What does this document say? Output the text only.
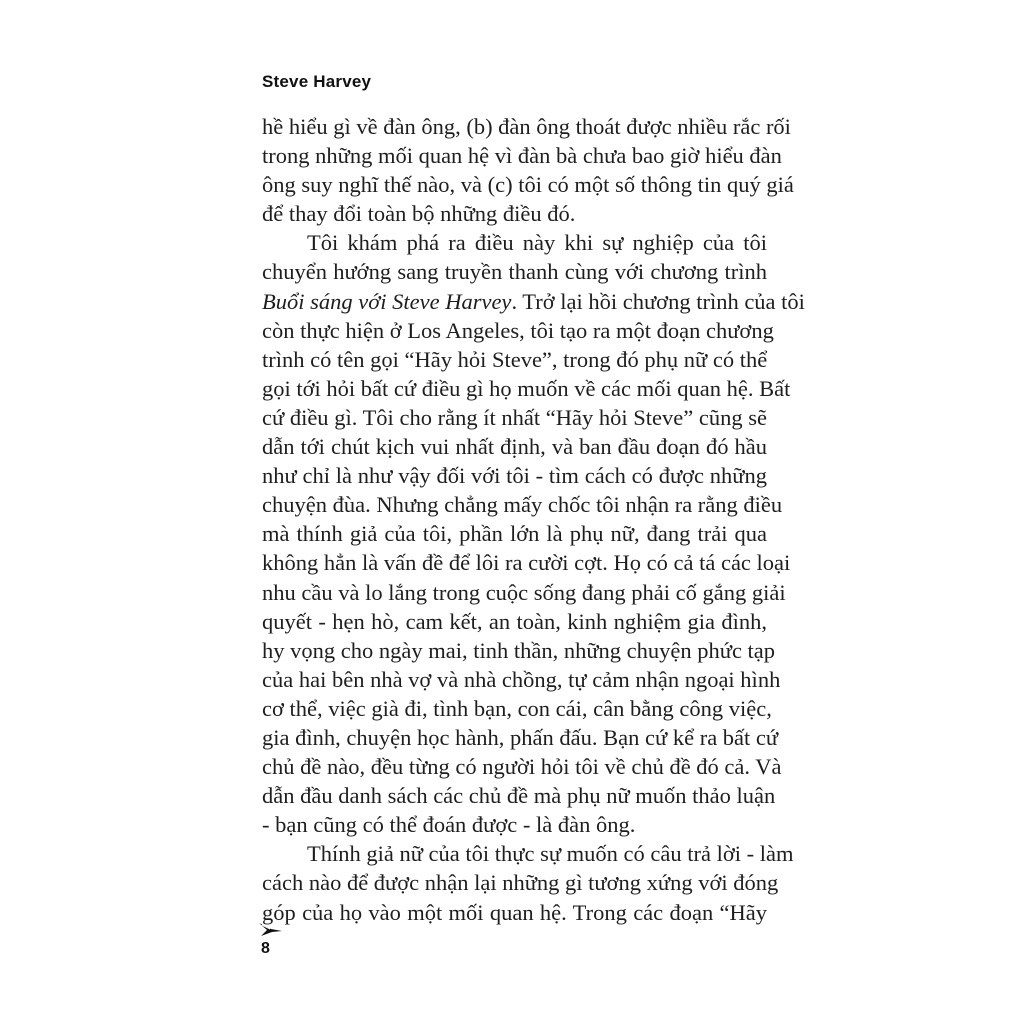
Steve Harvey
hề hiểu gì về đàn ông, (b) đàn ông thoát được nhiều rắc rối
trong những mối quan hệ vì đàn bà chưa bao giờ hiểu đàn
ông suy nghĩ thế nào, và (c) tôi có một số thông tin quý giá
để thay đổi toàn bộ những điều đó.
Tôi khám phá ra điều này khi sự nghiệp của tôi
chuyển hướng sang truyền thanh cùng với chương trình
Buổi sáng với Steve Harvey. Trở lại hồi chương trình của tôi
còn thực hiện ở Los Angeles, tôi tạo ra một đoạn chương
trình có tên gọi “Hãy hỏi Steve”, trong đó phụ nữ có thể
gọi tới hỏi bất cứ điều gì họ muốn về các mối quan hệ. Bất
cứ điều gì. Tôi cho rằng ít nhất “Hãy hỏi Steve” cũng sẽ
dẫn tới chút kịch vui nhất định, và ban đầu đoạn đó hầu
như chỉ là như vậy đối với tôi - tìm cách có được những
chuyện đùa. Nhưng chẳng mấy chốc tôi nhận ra rằng điều
mà thính giả của tôi, phần lớn là phụ nữ, đang trải qua
không hẳn là vấn đề để lôi ra cười cợt. Họ có cả tá các loại
nhu cầu và lo lắng trong cuộc sống đang phải cố gắng giải
quyết - hẹn hò, cam kết, an toàn, kinh nghiệm gia đình,
hy vọng cho ngày mai, tinh thần, những chuyện phức tạp
của hai bên nhà vợ và nhà chồng, tự cảm nhận ngoại hình
cơ thể, việc già đi, tình bạn, con cái, cân bằng công việc,
gia đình, chuyện học hành, phấn đấu. Bạn cứ kể ra bất cứ
chủ đề nào, đều từng có người hỏi tôi về chủ đề đó cả. Và
dẫn đầu danh sách các chủ đề mà phụ nữ muốn thảo luận
- bạn cũng có thể đoán được - là đàn ông.
Thính giả nữ của tôi thực sự muốn có câu trả lời - làm
cách nào để được nhận lại những gì tương xứng với đóng
góp của họ vào một mối quan hệ. Trong các đoạn “Hãy
8
